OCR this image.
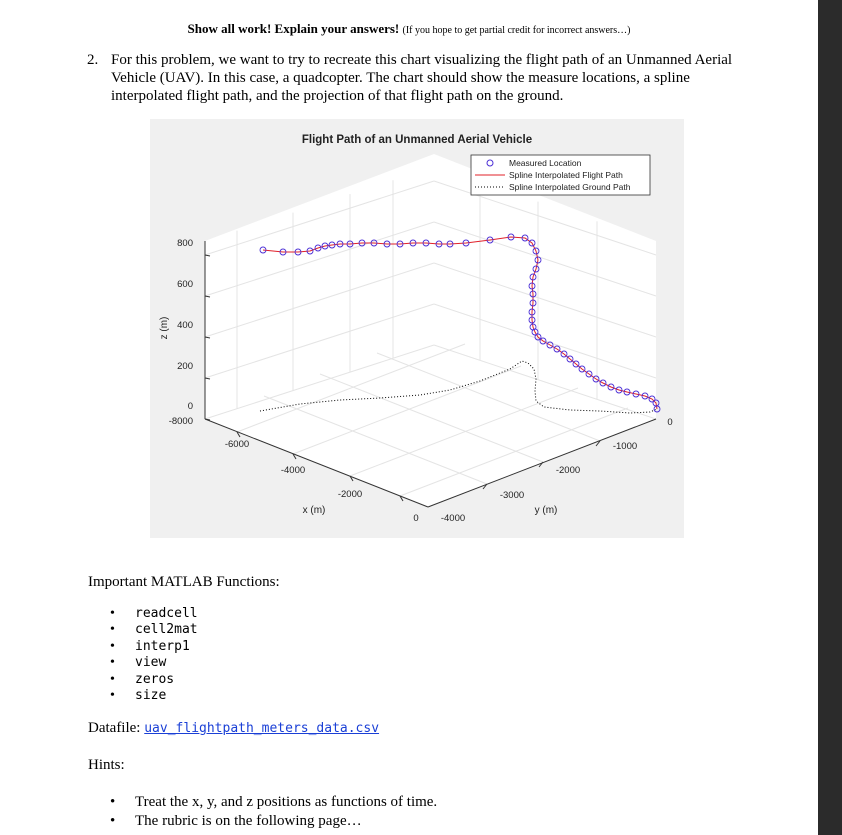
Show all work! Explain your answers! (If you hope to get partial credit for incorrect answers…)
2. For this problem, we want to try to recreate this chart visualizing the flight path of an Unmanned Aerial Vehicle (UAV). In this case, a quadcopter. The chart should show the measure locations, a spline interpolated flight path, and the projection of that flight path on the ground.
Flight Path of an Unmanned Aerial Vehicle
800
600
400
200
0
-8000
-6000
-4000
-2000
0 -4000
-3000
-2000
-1000
0
x (m)	y (m)
z (m)
Measured Location
Spline Interpolated Flight Path
Spline Interpolated Ground Path
Important MATLAB Functions:
• readcell
• cell2mat
• interp1
• view
• zeros
• size
Datafile: uav_flightpath_meters_data.csv
Hints:
• Treat the x, y, and z positions as functions of time.
• The rubric is on the following page…
